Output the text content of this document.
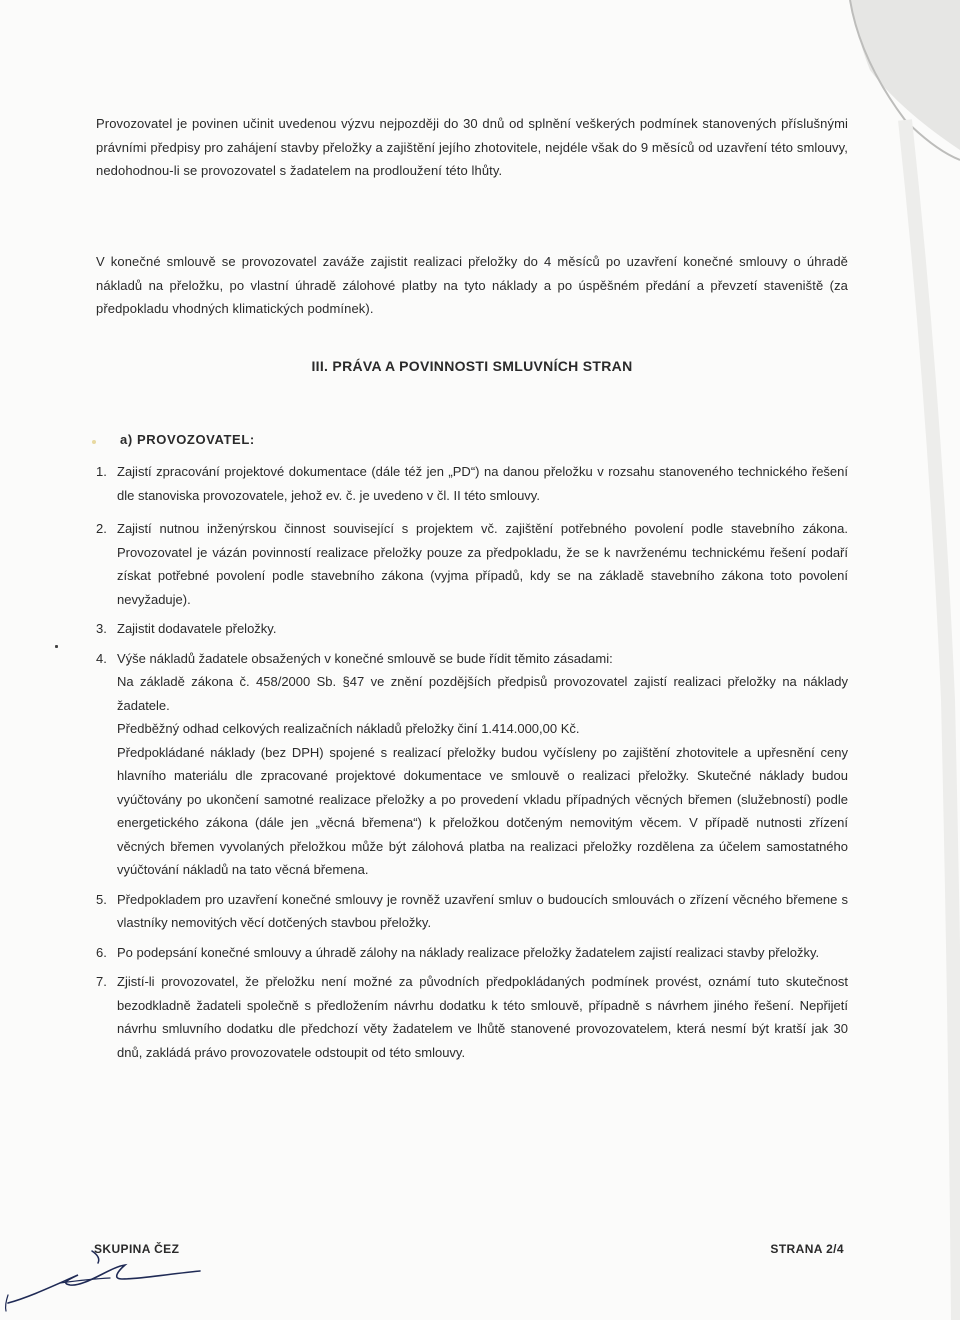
Provozovatel je povinen učinit uvedenou výzvu nejpozději do 30 dnů od splnění veškerých podmínek stanovených příslušnými právními předpisy pro zahájení stavby přeložky a zajištění jejího zhotovitele, nejdéle však do 9 měsíců od uzavření této smlouvy, nedohodnou-li se provozovatel s žadatelem na prodloužení této lhůty.

V konečné smlouvě se provozovatel zaváže zajistit realizaci přeložky do 4 měsíců po uzavření konečné smlouvy o úhradě nákladů na přeložku, po vlastní úhradě zálohové platby na tyto náklady a po úspěšném předání a převzetí staveniště (za předpokladu vhodných klimatických podmínek).

III. PRÁVA A POVINNOSTI SMLUVNÍCH STRAN
a) PROVOZOVATEL:
1. Zajistí zpracování projektové dokumentace (dále též jen „PD“) na danou přeložku v rozsahu stanoveného technického řešení dle stanoviska provozovatele, jehož ev. č. je uvedeno v čl. II této smlouvy.

2. Zajistí nutnou inženýrskou činnost související s projektem vč. zajištění potřebného povolení podle stavebního zákona. Provozovatel je vázán povinností realizace přeložky pouze za předpokladu, že se k navrženému technickému řešení podaří získat potřebné povolení podle stavebního zákona (vyjma případů, kdy se na základě stavebního zákona toto povolení nevyžaduje).

3. Zajistit dodavatele přeložky.

4. Výše nákladů žadatele obsažených v konečné smlouvě se bude řídit těmito zásadami:

Na základě zákona č. 458/2000 Sb. §47 ve znění pozdějších předpisů provozovatel zajistí realizaci přeložky na náklady žadatele.

Předběžný odhad celkových realizačních nákladů přeložky činí 1.414.000,00 Kč.

Předpokládané náklady (bez DPH) spojené s realizací přeložky budou vyčísleny po zajištění zhotovitele a upřesnění ceny hlavního materiálu dle zpracované projektové dokumentace ve smlouvě o realizaci přeložky. Skutečné náklady budou vyúčtovány po ukončení samotné realizace přeložky a po provedení vkladu případných věcných břemen (služebností) podle energetického zákona (dále jen „věcná břemena“) k přeložkou dotčeným nemovitým věcem. V případě nutnosti zřízení věcných břemen vyvolaných přeložkou může být zálohová platba na realizaci přeložky rozdělena za účelem samostatného vyúčtování nákladů na tato věcná břemena.

5. Předpokladem pro uzavření konečné smlouvy je rovněž uzavření smluv o budoucích smlouvách o zřízení věcného břemene s vlastníky nemovitých věcí dotčených stavbou přeložky.

6. Po podepsání konečné smlouvy a úhradě zálohy na náklady realizace přeložky žadatelem zajistí realizaci stavby přeložky.

7. Zjistí-li provozovatel, že přeložku není možné za původních předpokládaných podmínek provést, oznámí tuto skutečnost bezodkladně žadateli společně s předložením návrhu dodatku k této smlouvě, případně s návrhem jiného řešení. Nepřijetí návrhu smluvního dodatku dle předchozí věty žadatelem ve lhůtě stanovené provozovatelem, která nesmí být kratší jak 30 dnů, zakládá právo provozovatele odstoupit od této smlouvy.

SKUPINA ČEZ	STRANA 2/4
